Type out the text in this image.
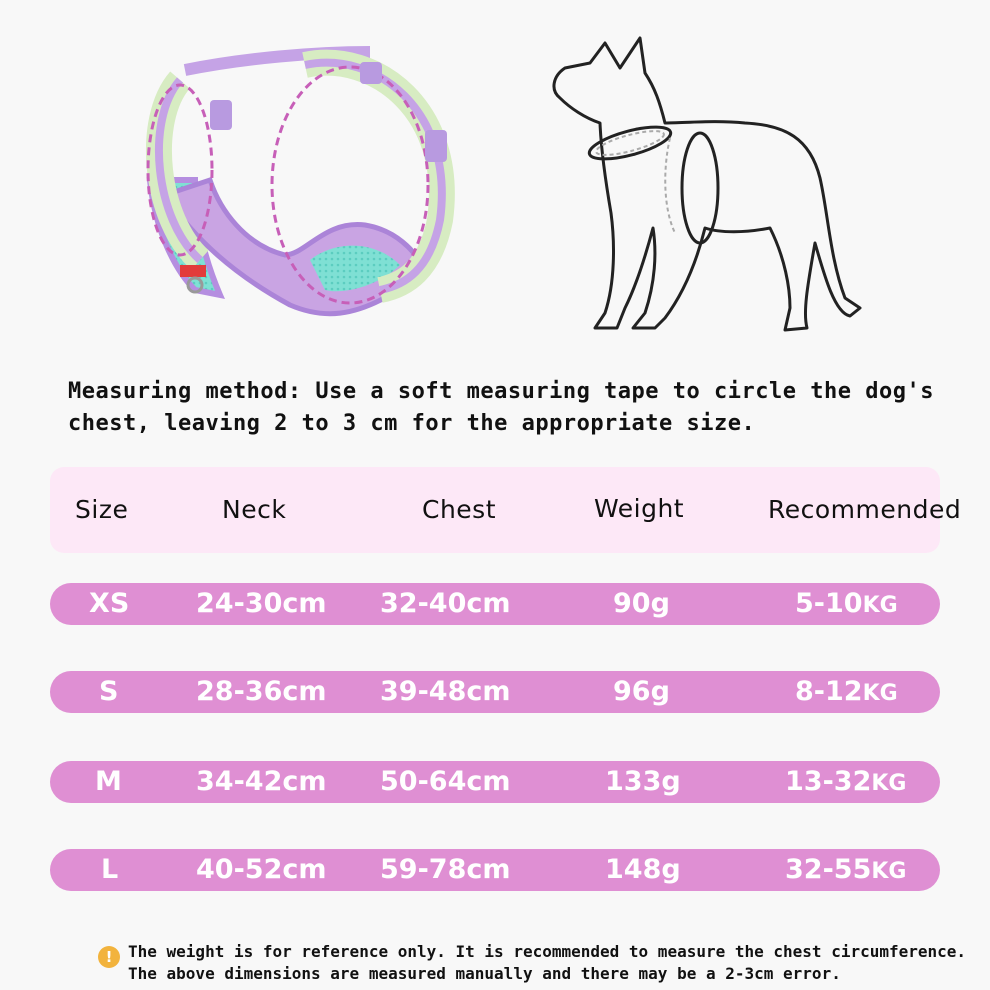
Measuring method: Use a soft measuring tape to circle the dog's
chest, leaving 2 to 3 cm for the appropriate size.
Size	Neck	Chest	Weight	Recommended
XS 24-30cm 32-40cm	90g	5-10KG
S	28-36cm 39-48cm	96g	8-12KG
M	34-42cm 50-64cm	133g	13-32KG
L	40-52cm 59-78cm	148g	32-55KG
! The weight is for reference only. It is recommended to measure the chest circumference.
The above dimensions are measured manually and there may be a 2-3cm error.
